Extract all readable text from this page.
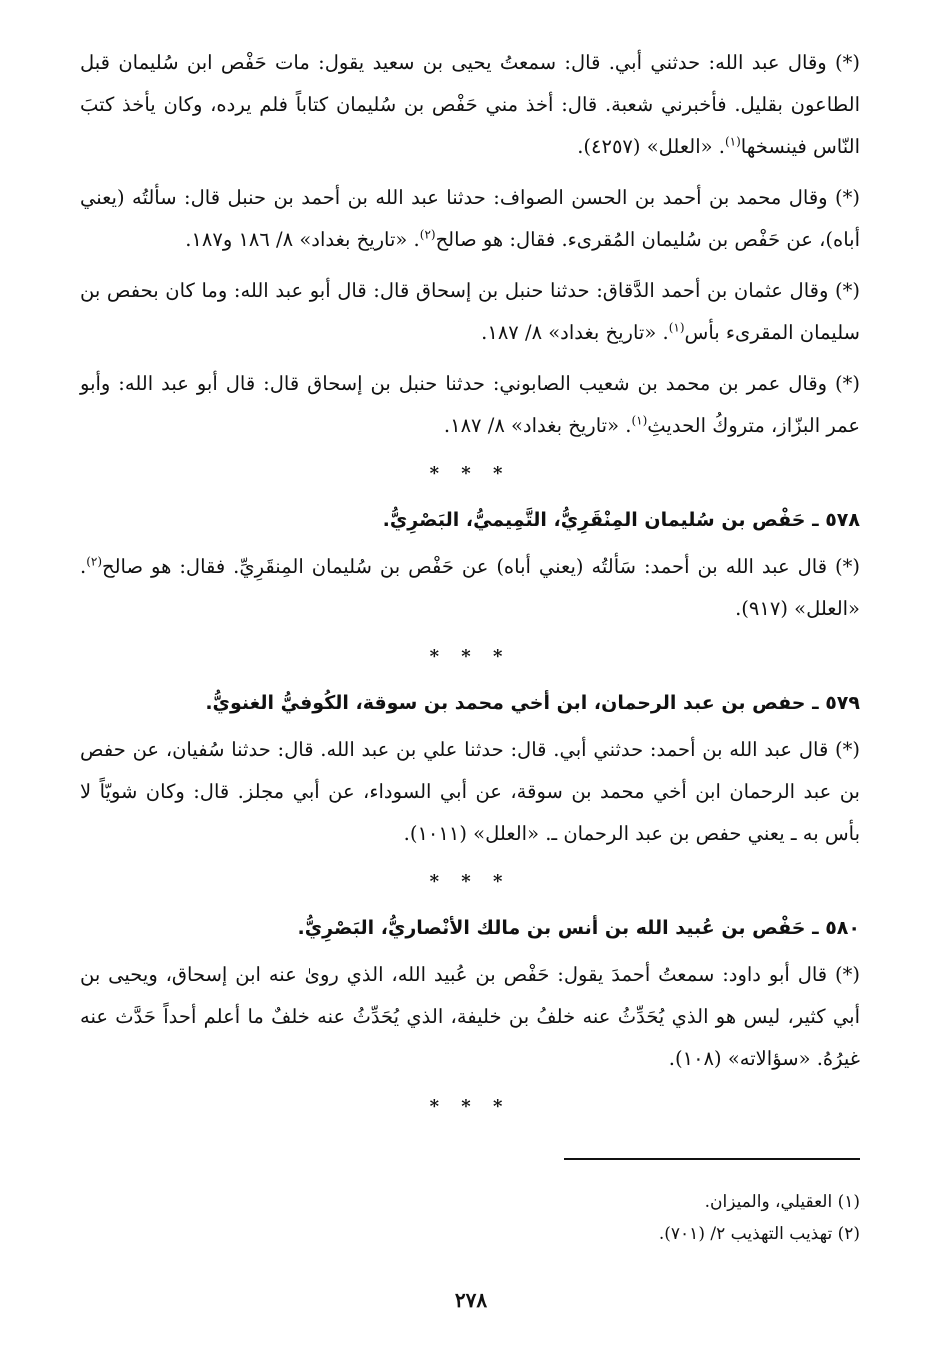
(*) وقال عبد الله: حدثني أبي. قال: سمعتُ يحيى بن سعيد يقول: مات حَفْص ابن سُليمان قبل الطاعون بقليل. فأخبرني شعبة. قال: أخذ مني حَفْص بن سُليمان كتاباً فلم يرده، وكان يأخذ كتبَ النّاس فينسخها$^{(١)}$. «العلل» (٤٢٥٧).

(*) وقال محمد بن أحمد بن الحسن الصواف: حدثنا عبد الله بن أحمد بن حنبل قال: سألتُه (يعني أباه)، عن حَفْص بن سُليمان المُقرىء. فقال: هو صالح$^{(٢)}$. «تاريخ بغداد» ٨/ ١٨٦ و١٨٧.

(*) وقال عثمان بن أحمد الدَّقاق: حدثنا حنبل بن إسحاق قال: قال أبو عبد الله: وما كان بحفص بن سليمان المقرىء بأس$^{(١)}$. «تاريخ بغداد» ٨/ ١٨٧.

(*) وقال عمر بن محمد بن شعيب الصابوني: حدثنا حنبل بن إسحاق قال: قال أبو عبد الله: وأبو عمر البزّاز، متروكُ الحديثِ$^{(١)}$. «تاريخ بغداد» ٨/ ١٨٧.

* * *
٥٧٨ ـ حَفْص بن سُليمان المِنْقَرِيُّ، التَّمِيميُّ، البَصْرِيُّ.

(*) قال عبد الله بن أحمد: سَألتُه (يعني أباه) عن حَفْص بن سُليمان المِنقَرِيِّ. فقال: هو صالح$^{(٢)}$. «العلل» (٩١٧).

* * *
٥٧٩ ـ حفص بن عبد الرحمان، ابن أخي محمد بن سوقة، الكُوفيُّ الغنويُّ.

(*) قال عبد الله بن أحمد: حدثني أبي. قال: حدثنا علي بن عبد الله. قال: حدثنا سُفيان، عن حفص بن عبد الرحمان ابن أخي محمد بن سوقة، عن أبي السوداء، عن أبي مجلز. قال: وكان شويّاً لا بأس به ـ يعني حفص بن عبد الرحمان ـ. «العلل» (١٠١١).

* * *
٥٨٠ ـ حَفْص بن عُبيد الله بن أنس بن مالك الأنْصاريُّ، البَصْرِيُّ.

(*) قال أبو داود: سمعتُ أحمدَ يقول: حَفْص بن عُبيد الله، الذي روىٰ عنه ابن إسحاق، ويحيى بن أبي كثير، ليس هو الذي يُحَدِّثُ عنه خلفُ بن خليفة، الذي يُحَدِّثُ عنه خلفٌ ما أعلم أحداً حَدَّث عنه غيرُهُ. «سؤالاته» (١٠٨).

* * *

(١) العقيلي، والميزان.

(٢) تهذيب التهذيب ٢/ (٧٠١).

٢٧٨
